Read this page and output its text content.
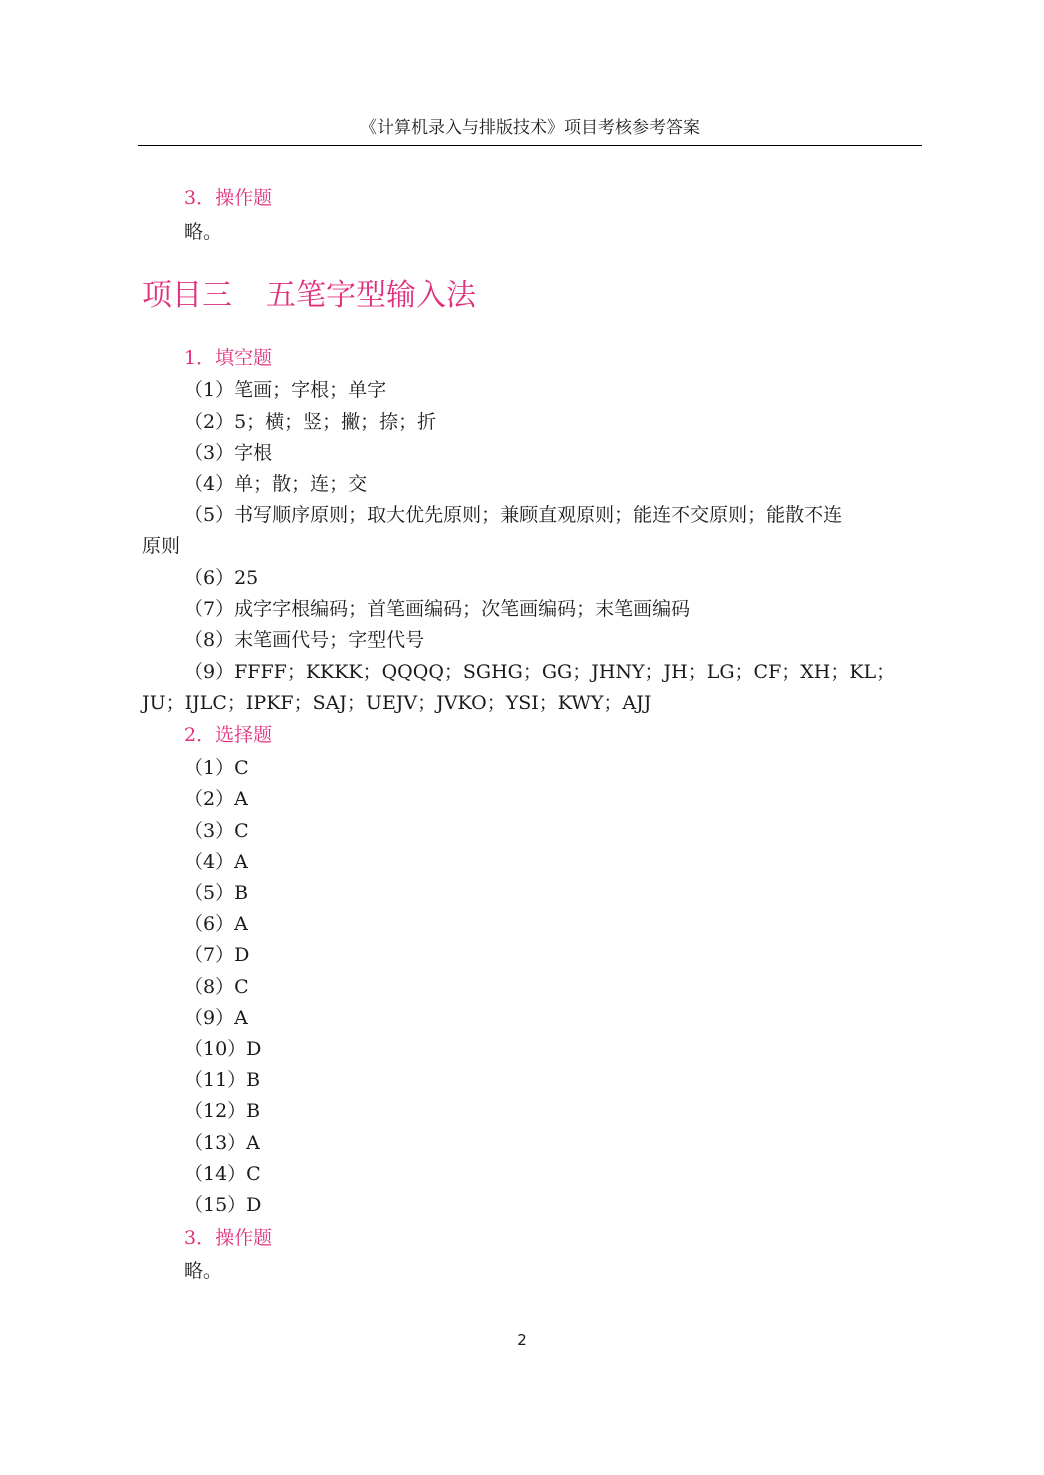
《计算机录入与排版技术》项目考核参考答案
3．操作题
略。
项目三 五笔字型输入法
1．填空题
（1）笔画；字根；单字
（2）5；横；竖；撇；捺；折
（3）字根
（4）单；散；连；交
（5）书写顺序原则；取大优先原则；兼顾直观原则；能连不交原则；能散不连
原则
（6）25
（7）成字字根编码；首笔画编码；次笔画编码；末笔画编码
（8）末笔画代号；字型代号
（9）FFFF；KKKK；QQQQ；SGHG；GG；JHNY；JH；LG；CF；XH；KL；
JU；IJLC；IPKF；SAJ；UEJV；JVKO；YSI；KWY；AJJ
2．选择题
（1）C
（2）A
（3）C
（4）A
（5）B
（6）A
（7）D
（8）C
（9）A
（10）D
（11）B
（12）B
（13）A
（14）C
（15）D
3．操作题
略。
2
